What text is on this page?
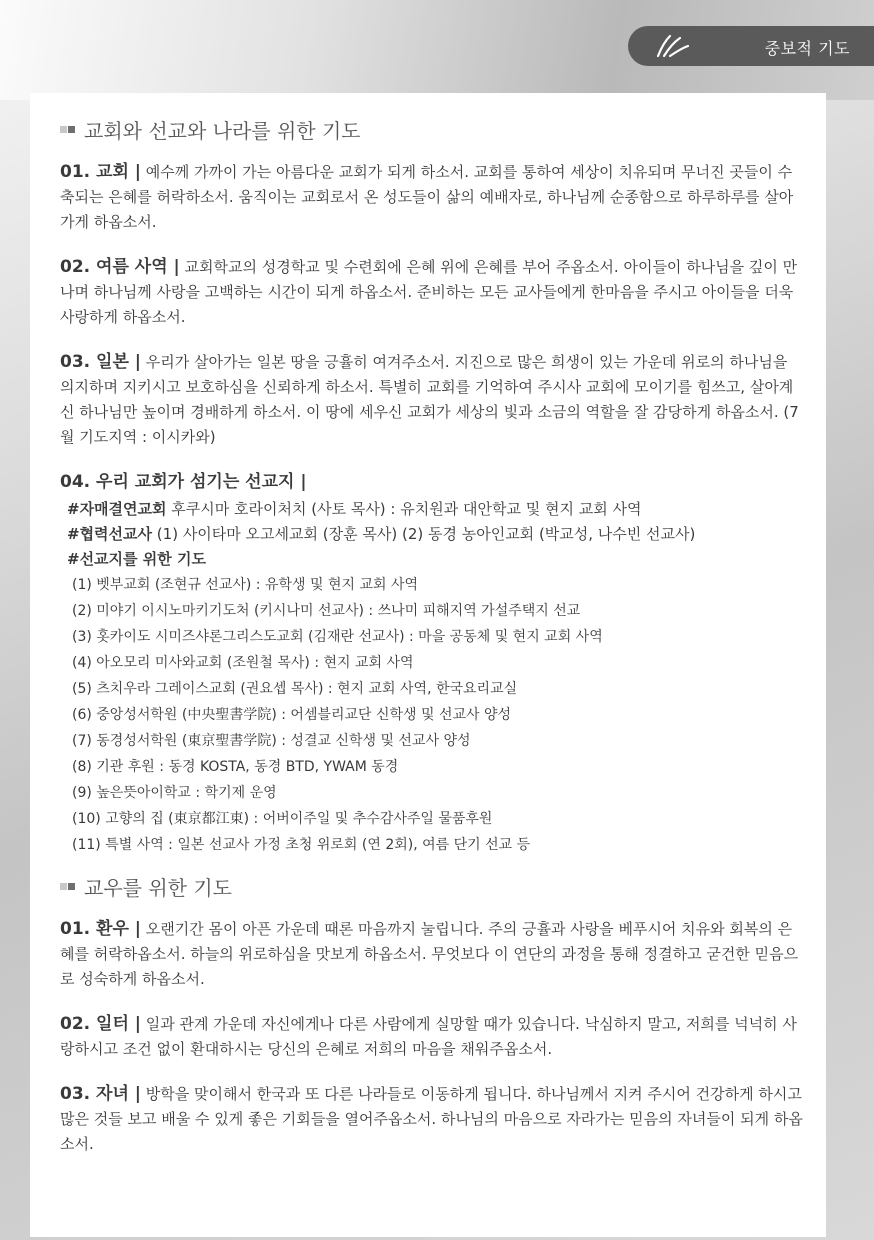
중보적 기도
교회와 선교와 나라를 위한 기도
01. 교회 | 예수께 가까이 가는 아름다운 교회가 되게 하소서. 교회를 통하여 세상이 치유되며 무너진 곳들이 수축되는 은혜를 허락하소서. 움직이는 교회로서 온 성도들이 삶의 예배자로, 하나님께 순종함으로 하루하루를 살아가게 하옵소서.
02. 여름 사역 | 교회학교의 성경학교 및 수련회에 은혜 위에 은혜를 부어 주옵소서. 아이들이 하나님을 깊이 만나며 하나님께 사랑을 고백하는 시간이 되게 하옵소서. 준비하는 모든 교사들에게 한마음을 주시고 아이들을 더욱 사랑하게 하옵소서.
03. 일본 | 우리가 살아가는 일본 땅을 긍휼히 여겨주소서. 지진으로 많은 희생이 있는 가운데 위로의 하나님을 의지하며 지키시고 보호하심을 신뢰하게 하소서. 특별히 교회를 기억하여 주시사 교회에 모이기를 힘쓰고, 살아계신 하나님만 높이며 경배하게 하소서. 이 땅에 세우신 교회가 세상의 빛과 소금의 역할을 잘 감당하게 하옵소서. (7월 기도지역 : 이시카와)
04. 우리 교회가 섬기는 선교지 |
#자매결연교회 후쿠시마 호라이처치 (사토 목사) : 유치원과 대안학교 및 현지 교회 사역
#협력선교사 (1) 사이타마 오고세교회 (장훈 목사) (2) 동경 농아인교회 (박교성, 나수빈 선교사)
#선교지를 위한 기도
(1) 벳부교회 (조현규 선교사) : 유학생 및 현지 교회 사역
(2) 미야기 이시노마키기도처 (키시나미 선교사) : 쓰나미 피해지역 가설주택지 선교
(3) 홋카이도 시미즈샤론그리스도교회 (김재란 선교사) : 마을 공동체 및 현지 교회 사역
(4) 아오모리 미사와교회 (조원철 목사) : 현지 교회 사역
(5) 츠치우라 그레이스교회 (권요셉 목사) : 현지 교회 사역, 한국요리교실
(6) 중앙성서학원 (中央聖書学院) : 어셈블리교단 신학생 및 선교사 양성
(7) 동경성서학원 (東京聖書学院) : 성결교 신학생 및 선교사 양성
(8) 기관 후원 : 동경 KOSTA, 동경 BTD, YWAM 동경
(9) 높은뜻아이학교 : 학기제 운영
(10) 고향의 집 (東京都江東) : 어버이주일 및 추수감사주일 물품후원
(11) 특별 사역 : 일본 선교사 가정 초청 위로회 (연 2회), 여름 단기 선교 등
교우를 위한 기도
01. 환우 | 오랜기간 몸이 아픈 가운데 때론 마음까지 눌립니다. 주의 긍휼과 사랑을 베푸시어 치유와 회복의 은혜를 허락하옵소서. 하늘의 위로하심을 맛보게 하옵소서. 무엇보다 이 연단의 과정을 통해 정결하고 굳건한 믿음으로 성숙하게 하옵소서.
02. 일터 | 일과 관계 가운데 자신에게나 다른 사람에게 실망할 때가 있습니다. 낙심하지 말고, 저희를 넉넉히 사랑하시고 조건 없이 환대하시는 당신의 은혜로 저희의 마음을 채워주옵소서.
03. 자녀 | 방학을 맞이해서 한국과 또 다른 나라들로 이동하게 됩니다. 하나님께서 지켜 주시어 건강하게 하시고 많은 것들 보고 배울 수 있게 좋은 기회들을 열어주옵소서. 하나님의 마음으로 자라가는 믿음의 자녀들이 되게 하옵소서.
